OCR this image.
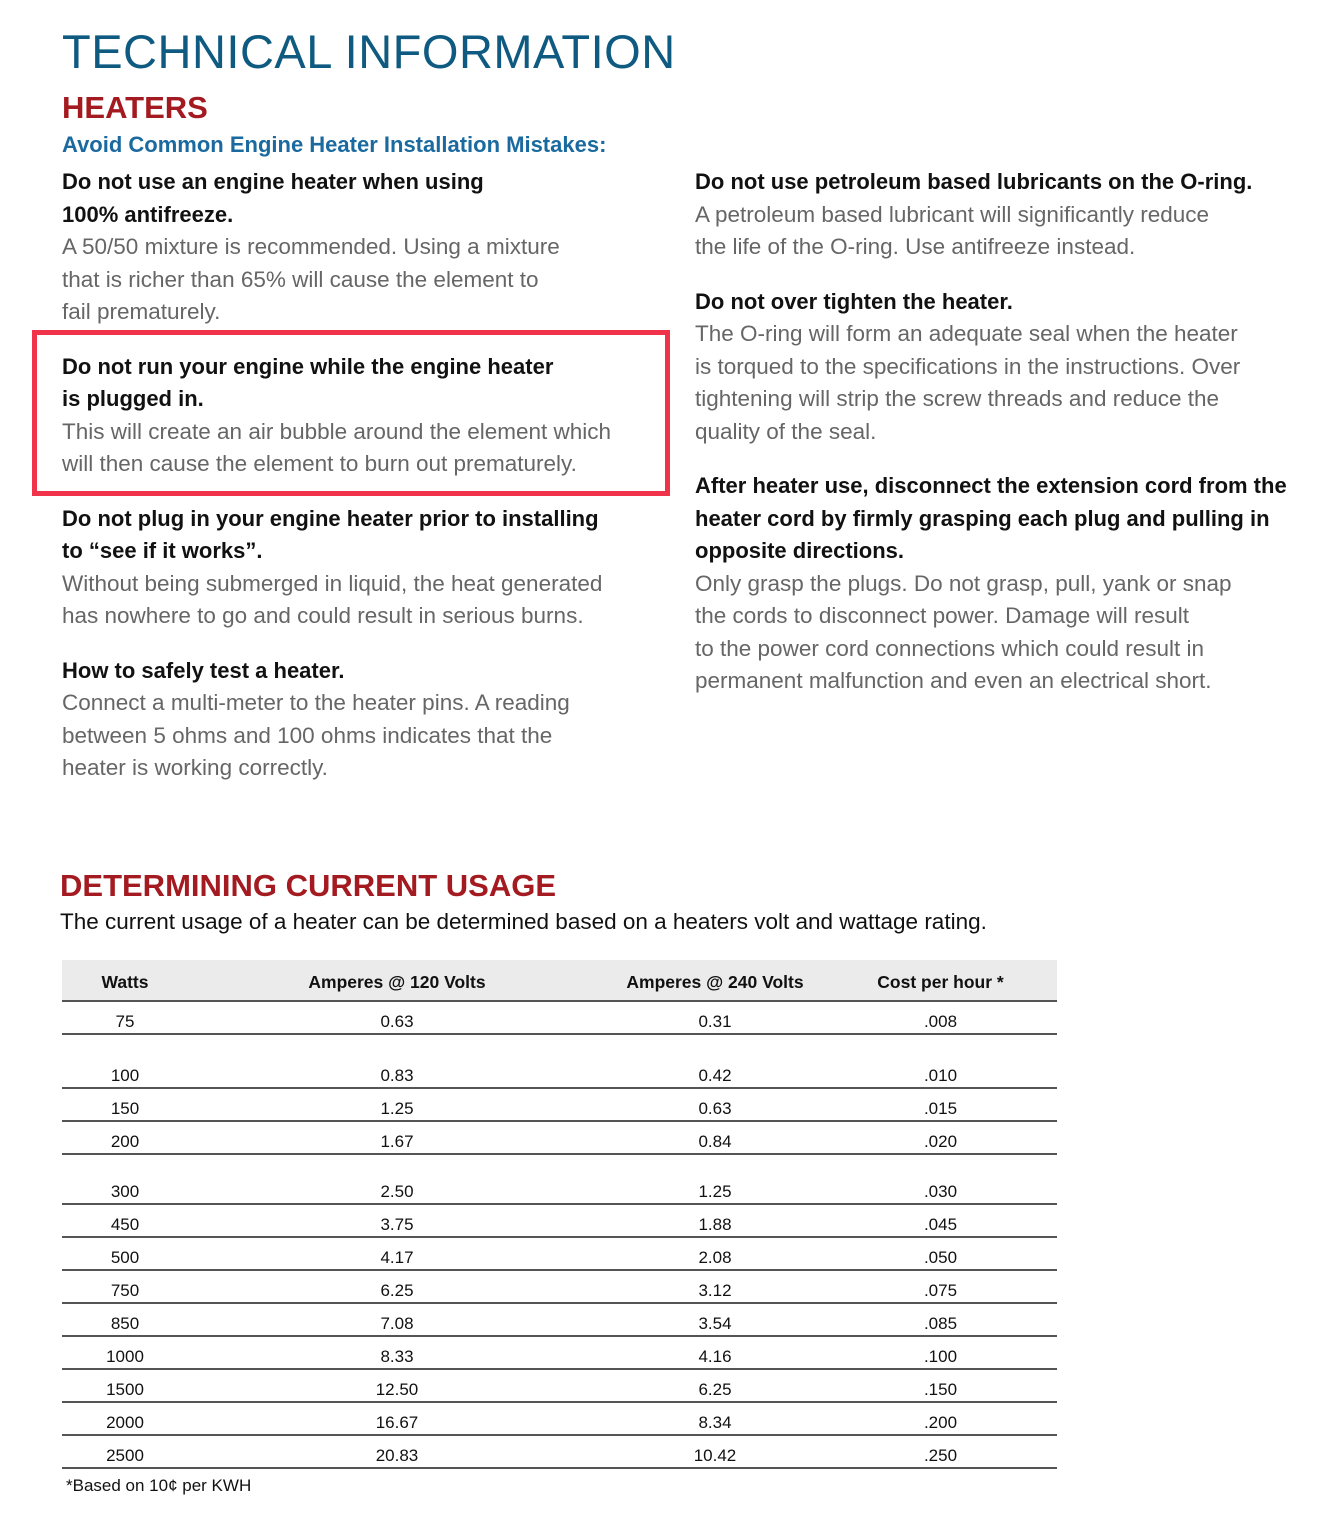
TECHNICAL INFORMATION
HEATERS
Avoid Common Engine Heater Installation Mistakes:

Do not use an engine heater when using
100% antifreeze.

A 50/50 mixture is recommended. Using a mixture
that is richer than 65% will cause the element to
fail prematurely.

Do not run your engine while the engine heater
is plugged in.

This will create an air bubble around the element which
will then cause the element to burn out prematurely.

Do not plug in your engine heater prior to installing
to “see if it works”.

Without being submerged in liquid, the heat generated
has nowhere to go and could result in serious burns.

How to safely test a heater.

Connect a multi-meter to the heater pins. A reading
between 5 ohms and 100 ohms indicates that the
heater is working correctly.

Do not use petroleum based lubricants on the O-ring.

A petroleum based lubricant will significantly reduce
the life of the O-ring. Use antifreeze instead.

Do not over tighten the heater.

The O-ring will form an adequate seal when the heater
is torqued to the specifications in the instructions. Over
tightening will strip the screw threads and reduce the
quality of the seal.

After heater use, disconnect the extension cord from the
heater cord by firmly grasping each plug and pulling in
opposite directions.

Only grasp the plugs. Do not grasp, pull, yank or snap
the cords to disconnect power. Damage will result
to the power cord connections which could result in
permanent malfunction and even an electrical short.

DETERMINING CURRENT USAGE

The current usage of a heater can be determined based on a heaters volt and wattage rating.

Watts	Amperes @ 120 Volts	Amperes @ 240 Volts	Cost per hour *
75	0.63	0.31	.008
100	0.83	0.42	.010
150	1.25	0.63	.015
200	1.67	0.84	.020
300	2.50	1.25	.030
450	3.75	1.88	.045
500	4.17	2.08	.050
750	6.25	3.12	.075
850	7.08	3.54	.085
1000	8.33	4.16	.100
1500	12.50	6.25	.150
2000	16.67	8.34	.200
2500	20.83	10.42	.250

*Based on 10¢ per KWH
